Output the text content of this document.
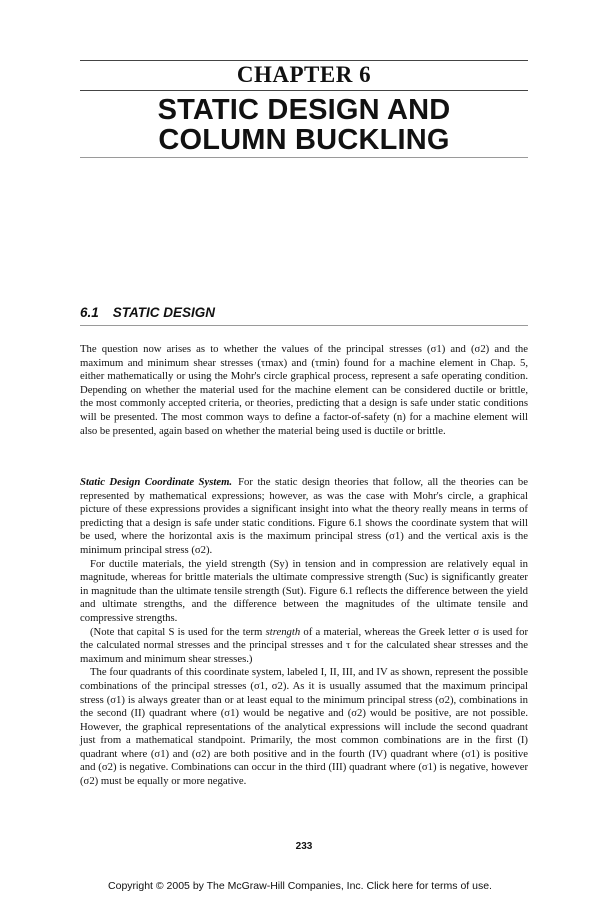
CHAPTER 6
STATIC DESIGN AND
COLUMN BUCKLING
6.1 STATIC DESIGN

The question now arises as to whether the values of the principal stresses (σ1) and (σ2) and the maximum and minimum shear stresses (τmax) and (τmin) found for a machine element in Chap. 5, either mathematically or using the Mohr's circle graphical process, represent a safe operating condition. Depending on whether the material used for the machine element can be considered ductile or brittle, the most commonly accepted criteria, or theories, predicting that a design is safe under static conditions will be presented. The most common ways to define a factor-of-safety (n) for a machine element will also be presented, again based on whether the material being used is ductile or brittle.

Static Design Coordinate System. For the static design theories that follow, all the theories can be represented by mathematical expressions; however, as was the case with Mohr's circle, a graphical picture of these expressions provides a significant insight into what the theory really means in terms of predicting that a design is safe under static conditions. Figure 6.1 shows the coordinate system that will be used, where the horizontal axis is the maximum principal stress (σ1) and the vertical axis is the minimum principal stress (σ2).

For ductile materials, the yield strength (Sy) in tension and in compression are relatively equal in magnitude, whereas for brittle materials the ultimate compressive strength (Suc) is significantly greater in magnitude than the ultimate tensile strength (Sut). Figure 6.1 reflects the difference between the yield and ultimate strengths, and the difference between the magnitudes of the ultimate tensile and compressive strengths.

(Note that capital S is used for the term strength of a material, whereas the Greek letter σ is used for the calculated normal stresses and the principal stresses and τ for the calculated shear stresses and the maximum and minimum shear stresses.)

The four quadrants of this coordinate system, labeled I, II, III, and IV as shown, represent the possible combinations of the principal stresses (σ1, σ2). As it is usually assumed that the maximum principal stress (σ1) is always greater than or at least equal to the minimum principal stress (σ2), combinations in the second (II) quadrant where (σ1) would be negative and (σ2) would be positive, are not possible. However, the graphical representations of the analytical expressions will include the second quadrant just from a mathematical standpoint. Primarily, the most common combinations are in the first (I) quadrant where (σ1) and (σ2) are both positive and in the fourth (IV) quadrant where (σ1) is positive and (σ2) is negative. Combinations can occur in the third (III) quadrant where (σ1) is negative, however (σ2) must be equally or more negative.

233
Copyright © 2005 by The McGraw-Hill Companies, Inc. Click here for terms of use.
